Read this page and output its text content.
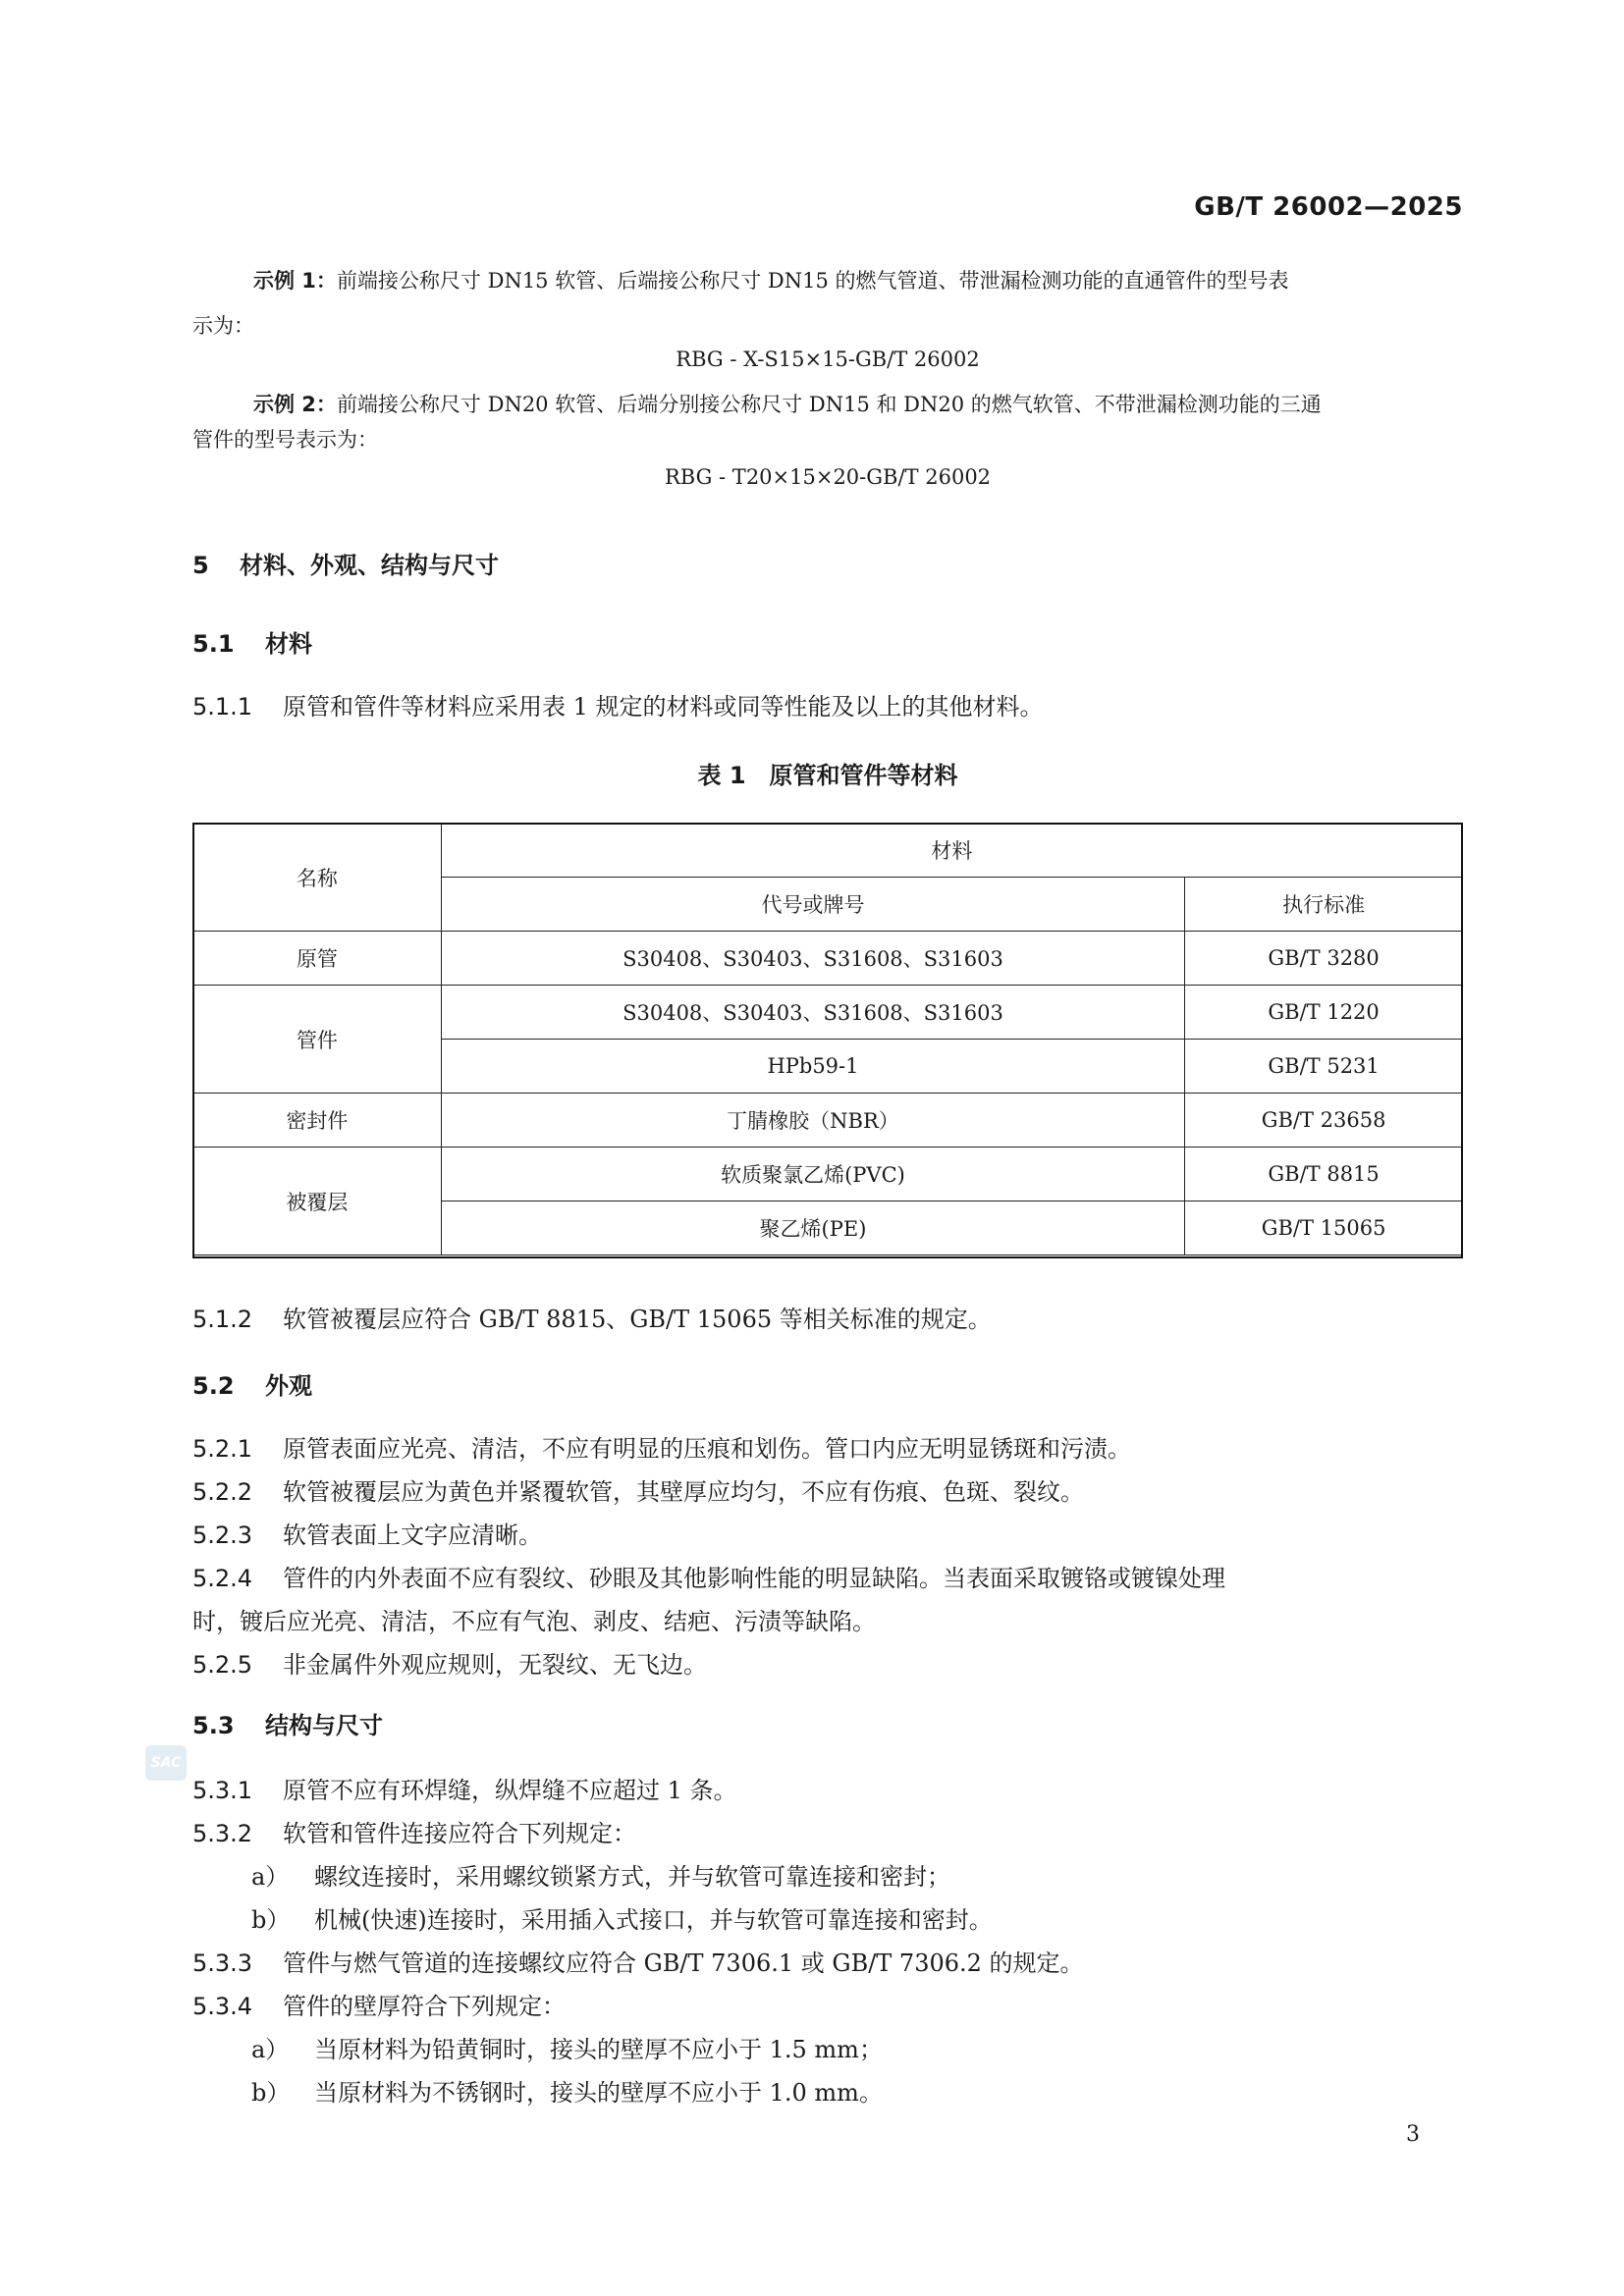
GB/T 26002—2025
示例 1：前端接公称尺寸 DN15 软管、后端接公称尺寸 DN15 的燃气管道、带泄漏检测功能的直通管件的型号表
示为：
RBG - X-S15×15-GB/T 26002
示例 2：前端接公称尺寸 DN20 软管、后端分别接公称尺寸 DN15 和 DN20 的燃气软管、不带泄漏检测功能的三通
管件的型号表示为：
RBG - T20×15×20-GB/T 26002
5 材料、外观、结构与尺寸
5.1 材料
5.1.1 原管和管件等材料应采用表 1 规定的材料或同等性能及以上的其他材料。
表 1　原管和管件等材料
名称	材料	
	代号或牌号	执行标准
原管	S30408、S30403、S31608、S31603	GB/T 3280
管件	S30408、S30403、S31608、S31603	GB/T 1220
	HPb59-1	GB/T 5231
密封件	丁腈橡胶（NBR）	GB/T 23658
被覆层	软质聚氯乙烯(PVC)	GB/T 8815
	聚乙烯(PE)	GB/T 15065
5.1.2 软管被覆层应符合 GB/T 8815、GB/T 15065 等相关标准的规定。
5.2 外观
5.2.1 原管表面应光亮、清洁，不应有明显的压痕和划伤。管口内应无明显锈斑和污渍。
5.2.2 软管被覆层应为黄色并紧覆软管，其壁厚应均匀，不应有伤痕、色斑、裂纹。
5.2.3 软管表面上文字应清晰。
5.2.4 管件的内外表面不应有裂纹、砂眼及其他影响性能的明显缺陷。当表面采取镀铬或镀镍处理
时，镀后应光亮、清洁，不应有气泡、剥皮、结疤、污渍等缺陷。
5.2.5 非金属件外观应规则，无裂纹、无飞边。
5.3 结构与尺寸
SAC
5.3.1 原管不应有环焊缝，纵焊缝不应超过 1 条。
5.3.2 软管和管件连接应符合下列规定：
a） 螺纹连接时，采用螺纹锁紧方式，并与软管可靠连接和密封；
b） 机械(快速)连接时，采用插入式接口，并与软管可靠连接和密封。
5.3.3 管件与燃气管道的连接螺纹应符合 GB/T 7306.1 或 GB/T 7306.2 的规定。
5.3.4 管件的壁厚符合下列规定：
a） 当原材料为铅黄铜时，接头的壁厚不应小于 1.5 mm；
b） 当原材料为不锈钢时，接头的壁厚不应小于 1.0 mm。
3
